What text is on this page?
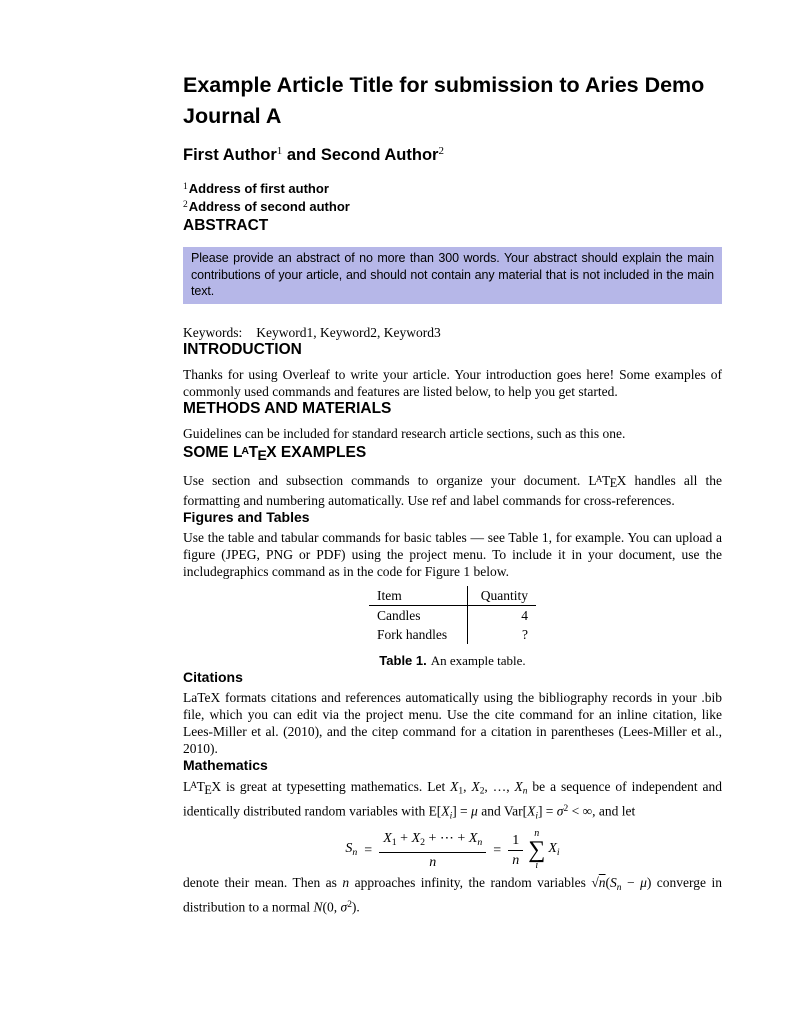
Example Article Title for submission to Aries Demo Journal A
First Author$^1$ and Second Author$^2$
$^1$Address of first author
$^2$Address of second author
ABSTRACT
Please provide an abstract of no more than 300 words. Your abstract should explain the main contributions of your article, and should not contain any material that is not included in the main text.
Keywords: Keyword1, Keyword2, Keyword3
INTRODUCTION

Thanks for using Overleaf to write your article. Your introduction goes here! Some examples of commonly used commands and features are listed below, to help you get started.

METHODS AND MATERIALS

Guidelines can be included for standard research article sections, such as this one.

SOME $L^ATEX$ EXAMPLES

Use section and subsection commands to organize your document. $L^ATEX$ handles all the formatting and numbering automatically. Use ref and label commands for cross-references.

Figures and Tables

Use the table and tabular commands for basic tables — see Table 1, for example. You can upload a figure (JPEG, PNG or PDF) using the project menu. To include it in your document, use the includegraphics command as in the code for Figure 1 below.

Item	Quantity
Candles	4
Fork handles	?
Table 1. An example table.
Citations

LaTeX formats citations and references automatically using the bibliography records in your .bib file, which you can edit via the project menu. Use the cite command for an inline citation, like Lees-Miller et al. (2010), and the citep command for a citation in parentheses (Lees-Miller et al., 2010).

Mathematics

$L^ATEX$ is great at typesetting mathematics. Let $X_1$, $X_2$, …, $X_n$ be a sequence of independent and identically distributed random variables with $E[X_i] = \mu$ and $Var[X_i] = \sigma^2$ < ∞, and let

$S_n = \frac{X_1 + X_2 + \cdots + X_n}{n} = \frac{1}{n}$ n
∑
i
$X_i$

denote their mean. Then as n approaches infinity, the random variables $√n(S_n - \mu)$ converge in distribution to a normal N(0, $\sigma^2$).
